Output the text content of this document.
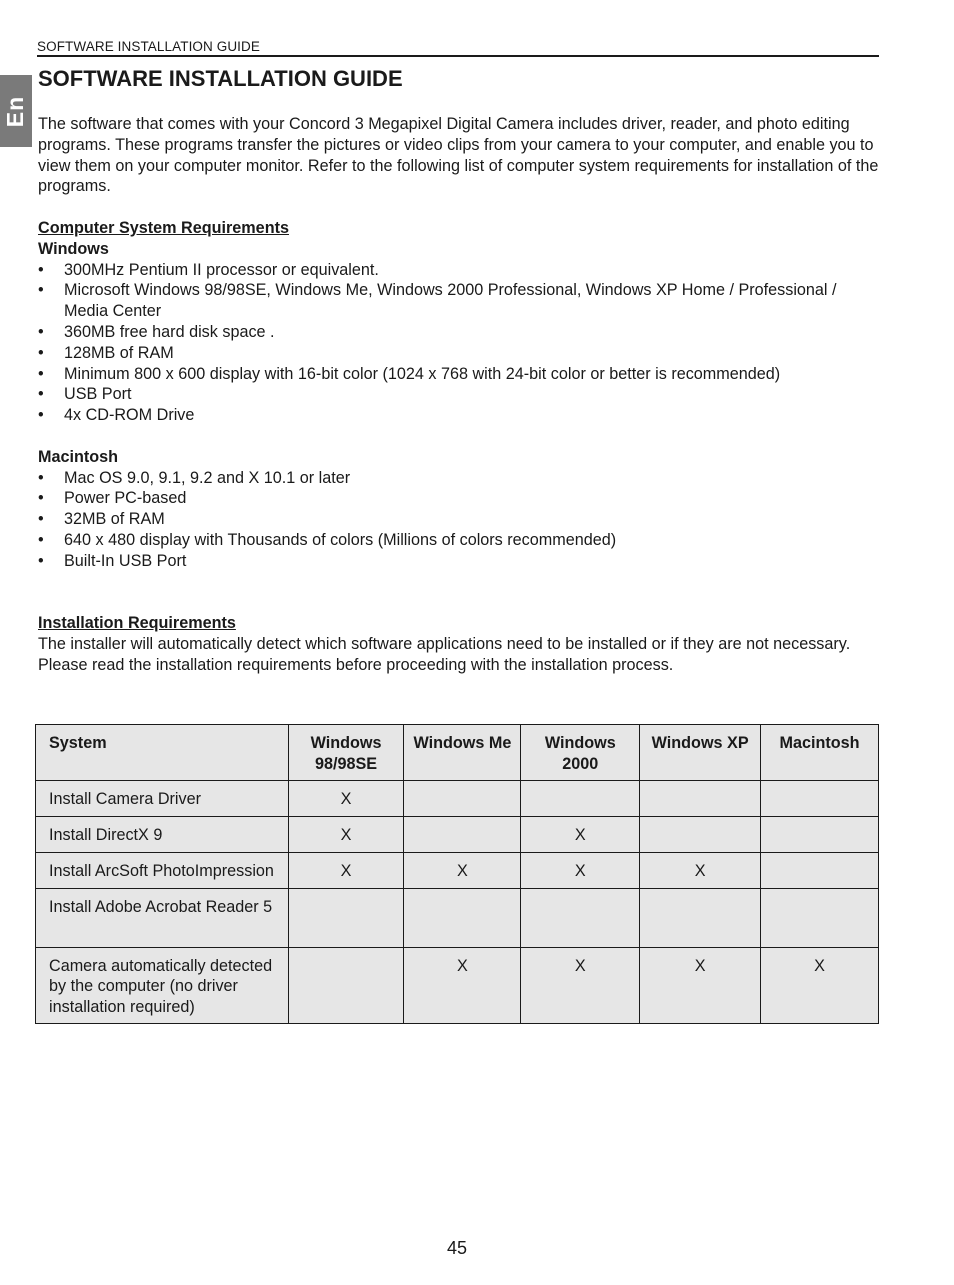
SOFTWARE INSTALLATION GUIDE
En
SOFTWARE INSTALLATION GUIDE

The software that comes with your Concord 3 Megapixel Digital Camera includes driver, reader, and photo editing programs. These programs transfer the pictures or video clips from your camera to your computer, and enable you to view them on your computer monitor. Refer to the following list of computer system requirements for installation of the programs.

Computer System Requirements
Windows
• 300MHz Pentium II processor or equivalent.
• Microsoft Windows 98/98SE, Windows Me, Windows 2000 Professional, Windows XP Home / Professional / Media Center
• 360MB free hard disk space .
• 128MB of RAM
• Minimum 800 x 600 display with 16-bit color (1024 x 768 with 24-bit color or better is recommended)
• USB Port
• 4x CD-ROM Drive
Macintosh
• Mac OS 9.0, 9.1, 9.2 and X 10.1 or later
• Power PC-based
• 32MB of RAM
• 640 x 480 display with Thousands of colors (Millions of colors recommended)
• Built-In USB Port
Installation Requirements

The installer will automatically detect which software applications need to be installed or if they are not necessary. Please read the installation requirements before proceeding with the installation process.

System	Windows 98/98SE	Windows Me	Windows 2000	Windows XP	Macintosh
Install Camera Driver	X				
Install DirectX 9	X		X		
Install ArcSoft PhotoImpression	X	X	X	X	
Install Adobe Acrobat Reader 5					
Camera automatically detected by the computer (no driver installation required)		X	X	X	X
45
